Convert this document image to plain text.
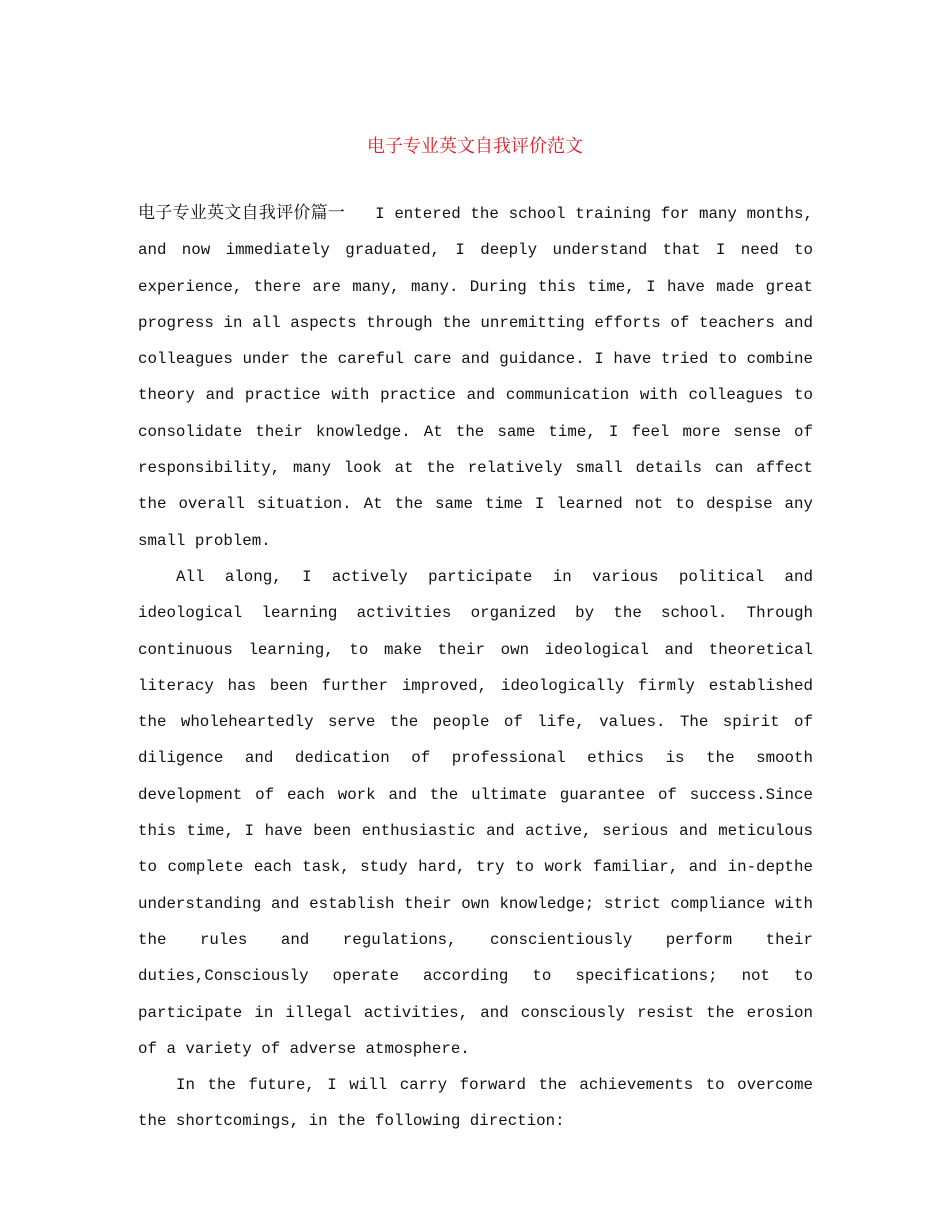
电子专业英文自我评价范文

电子专业英文自我评价篇一 I entered the school training for many months, and now immediately graduated, I deeply understand that I need to experience, there are many, many. During this time, I have made great progress in all aspects through the unremitting efforts of teachers and colleagues under the careful care and guidance. I have tried to combine theory and practice with practice and communication with colleagues to consolidate their knowledge. At the same time, I feel more sense of responsibility, many look at the relatively small details can affect the overall situation. At the same time I learned not to despise any small problem.

All along, I actively participate in various political and ideological learning activities organized by the school. Through continuous learning, to make their own ideological and theoretical literacy has been further improved, ideologically firmly established the wholeheartedly serve the people of life, values. The spirit of diligence and dedication of professional ethics is the smooth development of each work and the ultimate guarantee of success.Since this time, I have been enthusiastic and active, serious and meticulous to complete each task, study hard, try to work familiar, and in-depthe understanding and establish their own knowledge; strict compliance with the rules and regulations, conscientiously perform their duties,Consciously operate according to specifications; not to participate in illegal activities, and consciously resist the erosion of a variety of adverse atmosphere.

In the future, I will carry forward the achievements to overcome the shortcomings, in the following direction:
